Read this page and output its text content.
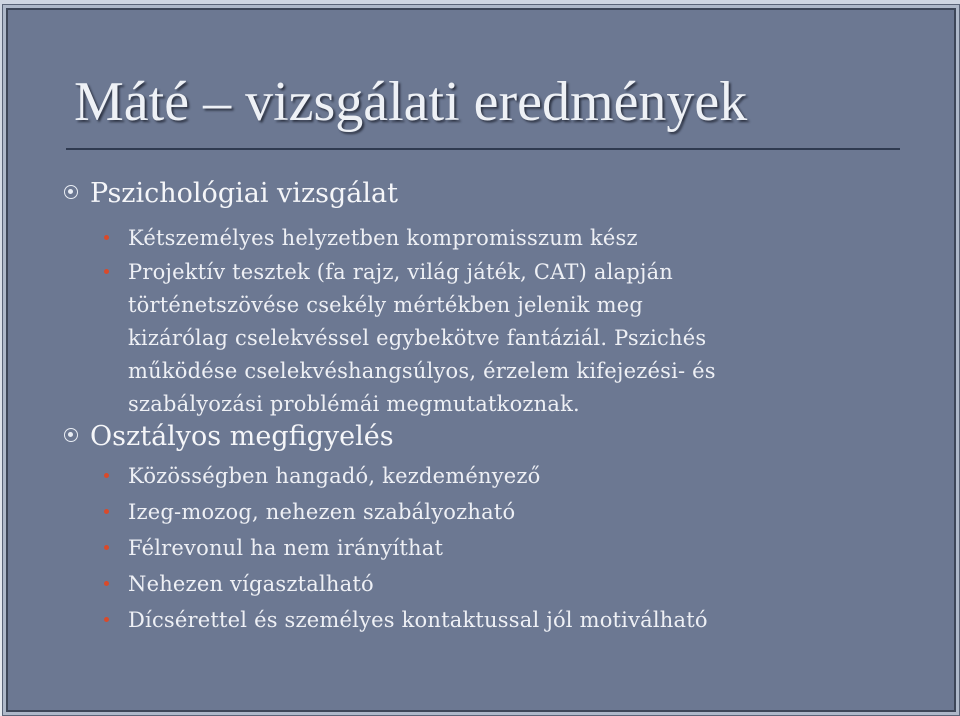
Máté – vizsgálati eredmények
Pszichológiai vizsgálat
Kétszemélyes helyzetben kompromisszum kész
Projektív tesztek (fa rajz, világ játék, CAT) alapján
történetszövése csekély mértékben jelenik meg
kizárólag cselekvéssel egybekötve fantáziál. Pszichés
működése cselekvéshangsúlyos, érzelem kifejezési- és
szabályozási problémái megmutatkoznak.
Osztályos megfigyelés
Közösségben hangadó, kezdeményező
Izeg-mozog, nehezen szabályozható
Félrevonul ha nem irányíthat
Nehezen vígasztalható
Dícsérettel és személyes kontaktussal jól motiválható
